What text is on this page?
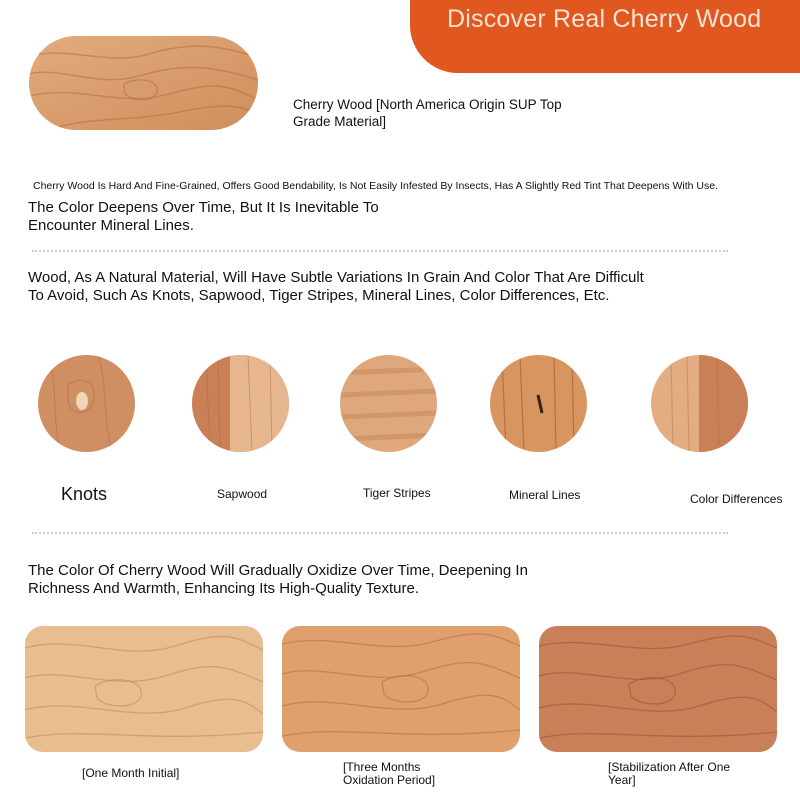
Discover Real Cherry Wood
Cherry Wood [North America Origin SUP Top Grade Material]
Cherry Wood Is Hard And Fine-Grained, Offers Good Bendability, Is Not Easily Infested By Insects, Has A Slightly Red Tint That Deepens With Use.
The Color Deepens Over Time, But It Is Inevitable To Encounter Mineral Lines.
Wood, As A Natural Material, Will Have Subtle Variations In Grain And Color That Are Difficult To Avoid, Such As Knots, Sapwood, Tiger Stripes, Mineral Lines, Color Differences, Etc.
Knots	Sapwood	Tiger Stripes	Mineral Lines	Color Differences
The Color Of Cherry Wood Will Gradually Oxidize Over Time, Deepening In Richness And Warmth, Enhancing Its High-Quality Texture.
[One Month Initial]	[Three Months Oxidation Period]
[Stabilization After One Year]
